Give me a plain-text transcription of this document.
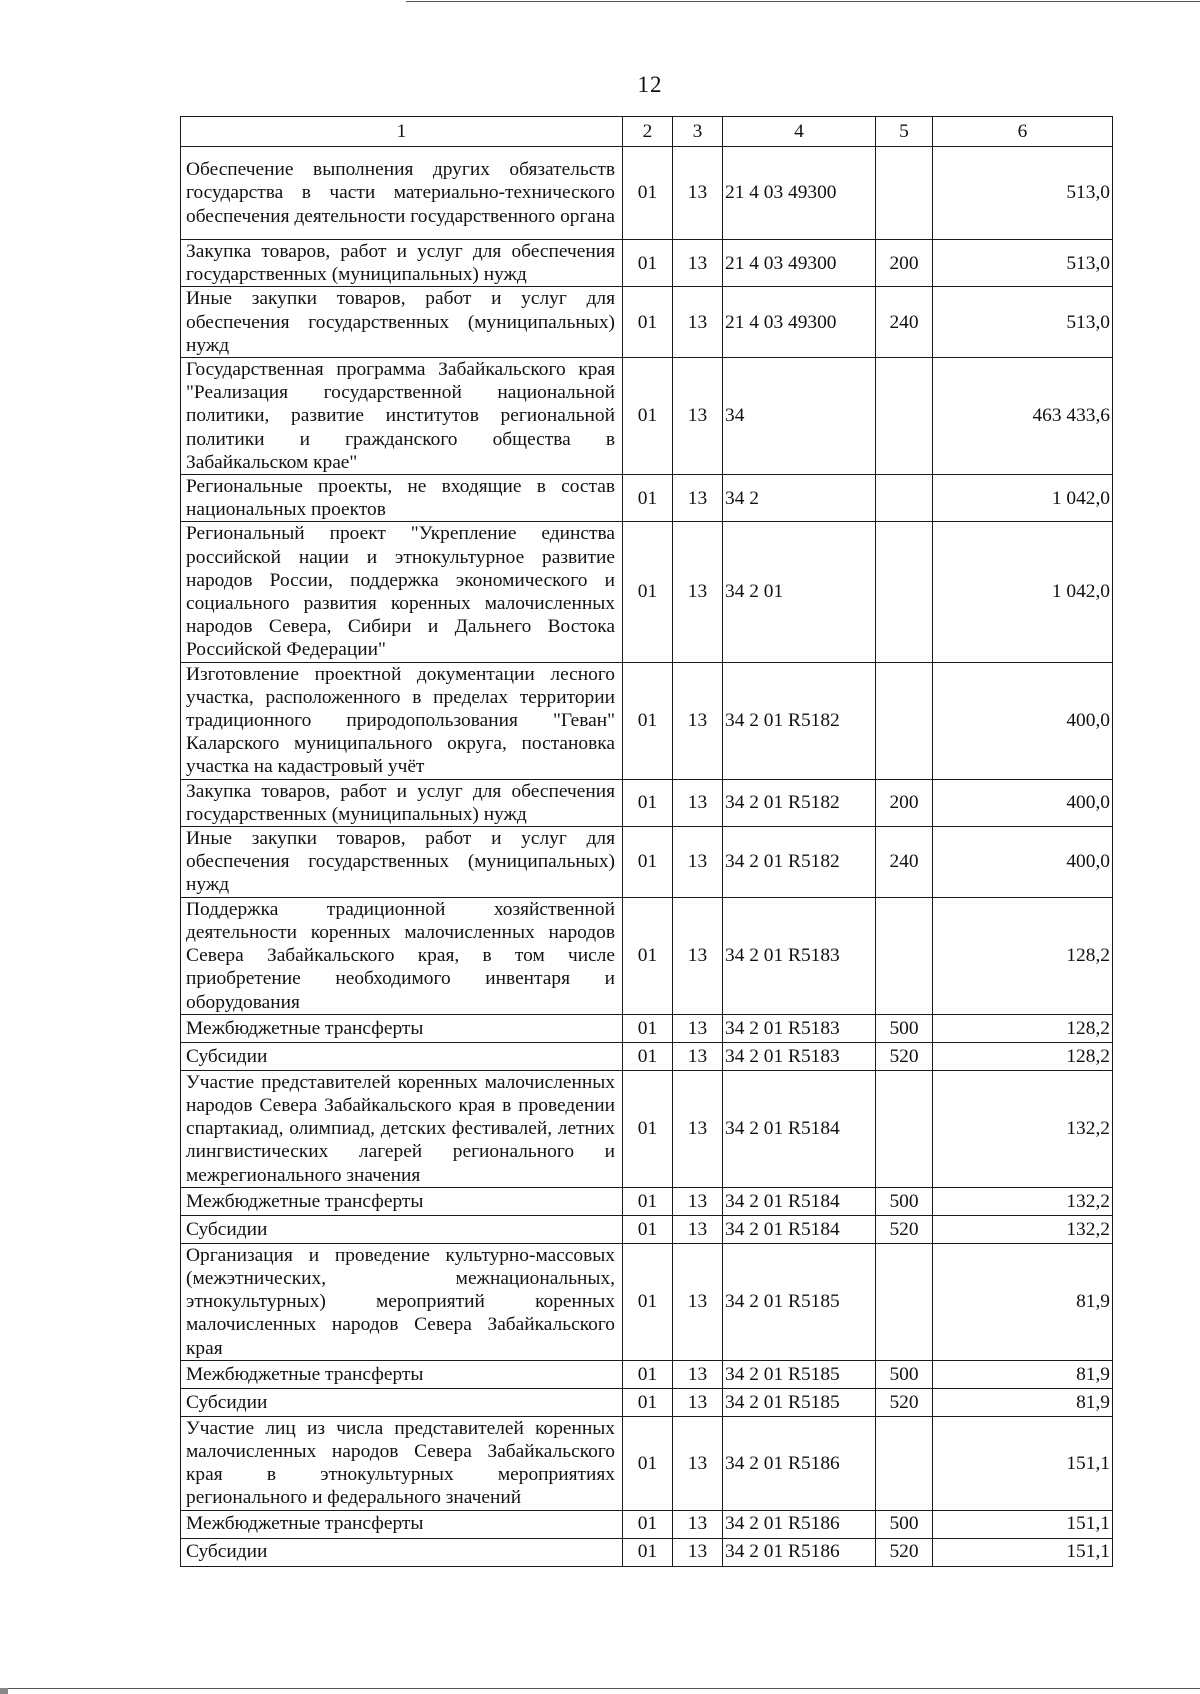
12
1	2	3	4	5	6
Обеспечение выполнения других обязательств государства в части материально-технического обеспечения деятельности государственного органа	01	13	21 4 03 49300		513,0
Закупка товаров, работ и услуг для обеспечения государственных (муниципальных) нужд	01	13	21 4 03 49300	200	513,0
Иные закупки товаров, работ и услуг для обеспечения государственных (муниципальных) нужд	01	13	21 4 03 49300	240	513,0
Государственная программа Забайкальского края "Реализация государственной национальной политики, развитие институтов региональной политики и гражданского общества в Забайкальском крае"	01	13	34		463 433,6
Региональные проекты, не входящие в состав национальных проектов	01	13	34 2		1 042,0
Региональный проект "Укрепление единства российской нации и этнокультурное развитие народов России, поддержка экономического и социального развития коренных малочисленных народов Севера, Сибири и Дальнего Востока Российской Федерации"	01	13	34 2 01		1 042,0
Изготовление проектной документации лесного участка, расположенного в пределах территории традиционного природопользования "Геван" Каларского муниципального округа, постановка участка на кадастровый учёт	01	13	34 2 01 R5182		400,0
Закупка товаров, работ и услуг для обеспечения государственных (муниципальных) нужд	01	13	34 2 01 R5182	200	400,0
Иные закупки товаров, работ и услуг для обеспечения государственных (муниципальных) нужд	01	13	34 2 01 R5182	240	400,0
Поддержка традиционной хозяйственной деятельности коренных малочисленных народов Севера Забайкальского края, в том числе приобретение необходимого инвентаря и оборудования	01	13	34 2 01 R5183		128,2
Межбюджетные трансферты	01	13	34 2 01 R5183	500	128,2
Субсидии	01	13	34 2 01 R5183	520	128,2
Участие представителей коренных малочисленных народов Севера Забайкальского края в проведении спартакиад, олимпиад, детских фестивалей, летних лингвистических лагерей регионального и межрегионального значения	01	13	34 2 01 R5184		132,2
Межбюджетные трансферты	01	13	34 2 01 R5184	500	132,2
Субсидии	01	13	34 2 01 R5184	520	132,2
Организация и проведение культурно-массовых (межэтнических, межнациональных, этнокультурных) мероприятий коренных малочисленных народов Севера Забайкальского края	01	13	34 2 01 R5185		81,9
Межбюджетные трансферты	01	13	34 2 01 R5185	500	81,9
Субсидии	01	13	34 2 01 R5185	520	81,9
Участие лиц из числа представителей коренных малочисленных народов Севера Забайкальского края в этнокультурных мероприятиях регионального и федерального значений	01	13	34 2 01 R5186		151,1
Межбюджетные трансферты	01	13	34 2 01 R5186	500	151,1
Субсидии	01	13	34 2 01 R5186	520	151,1
